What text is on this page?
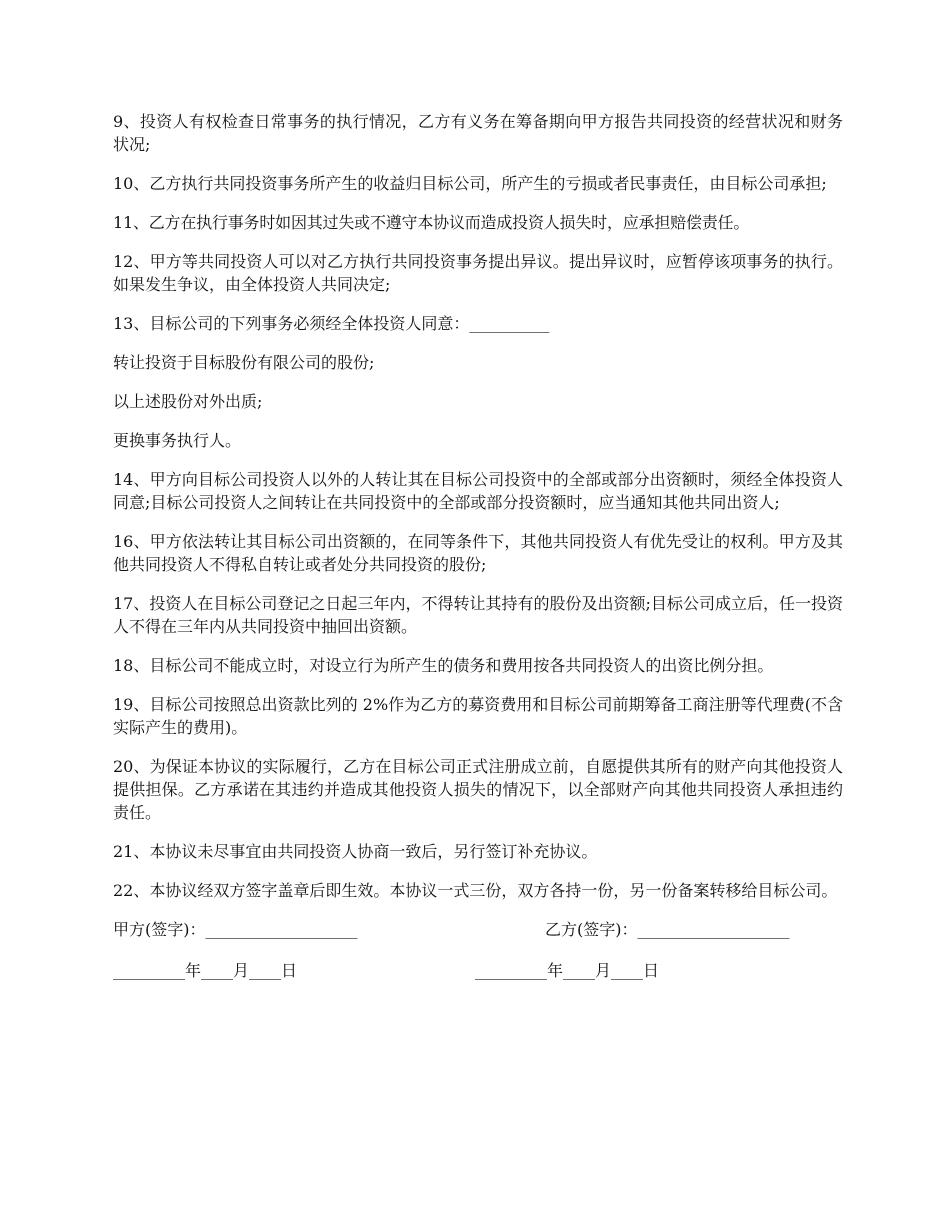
9、投资人有权检查日常事务的执行情况，乙方有义务在筹备期向甲方报告共同投资的经营状况和财务状况;

10、乙方执行共同投资事务所产生的收益归目标公司，所产生的亏损或者民事责任，由目标公司承担;

11、乙方在执行事务时如因其过失或不遵守本协议而造成投资人损失时，应承担赔偿责任。

12、甲方等共同投资人可以对乙方执行共同投资事务提出异议。提出异议时，应暂停该项事务的执行。如果发生争议，由全体投资人共同决定;

13、目标公司的下列事务必须经全体投资人同意：__________

转让投资于目标股份有限公司的股份;

以上述股份对外出质;

更换事务执行人。

14、甲方向目标公司投资人以外的人转让其在目标公司投资中的全部或部分出资额时，须经全体投资人同意;目标公司投资人之间转让在共同投资中的全部或部分投资额时，应当通知其他共同出资人;

16、甲方依法转让其目标公司出资额的，在同等条件下，其他共同投资人有优先受让的权利。甲方及其他共同投资人不得私自转让或者处分共同投资的股份;

17、投资人在目标公司登记之日起三年内，不得转让其持有的股份及出资额;目标公司成立后，任一投资人不得在三年内从共同投资中抽回出资额。

18、目标公司不能成立时，对设立行为所产生的债务和费用按各共同投资人的出资比例分担。

19、目标公司按照总出资款比列的 2%作为乙方的募资费用和目标公司前期筹备工商注册等代理费(不含实际产生的费用)。

20、为保证本协议的实际履行，乙方在目标公司正式注册成立前，自愿提供其所有的财产向其他投资人提供担保。乙方承诺在其违约并造成其他投资人损失的情况下，以全部财产向其他共同投资人承担违约责任。

21、本协议未尽事宜由共同投资人协商一致后，另行签订补充协议。

22、本协议经双方签字盖章后即生效。本协议一式三份，双方各持一份，另一份备案转移给目标公司。

甲方(签字)：___________________	乙方(签字)：___________________
_________年____月____日	_________年____月____日
